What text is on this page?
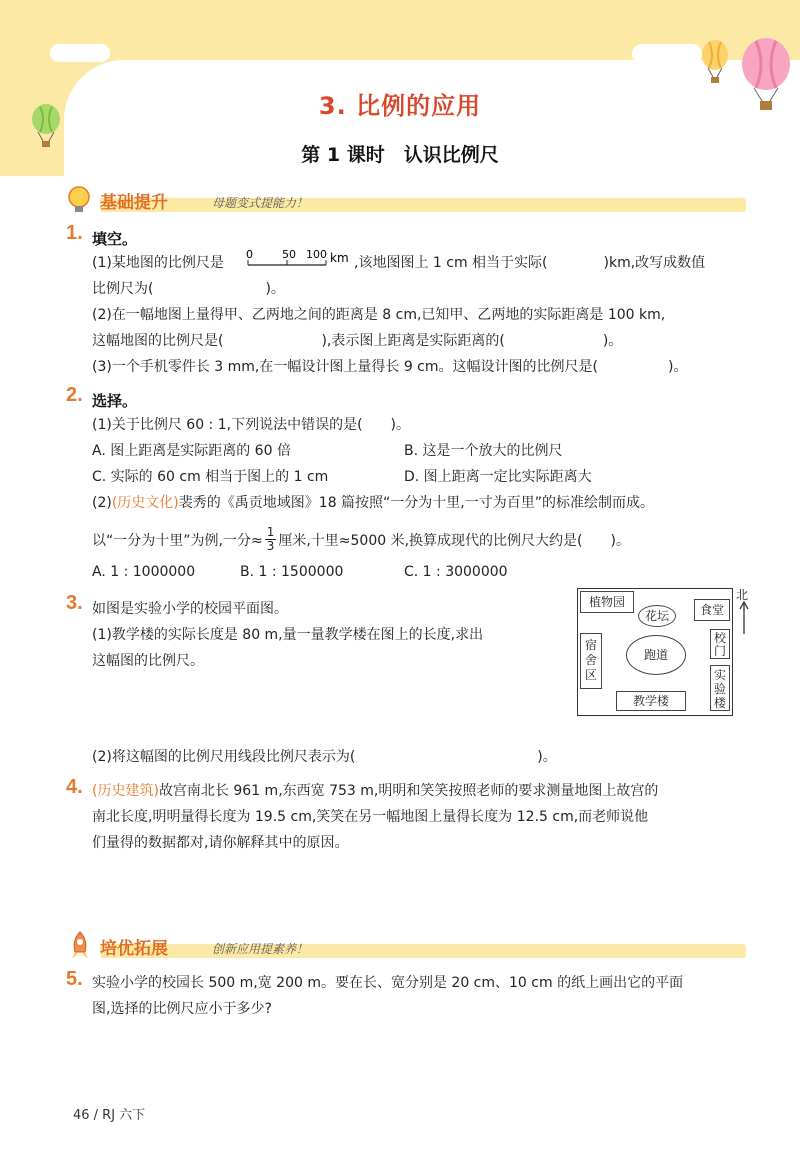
3. 比例的应用
第 1 课时　认识比例尺
基础提升	母题变式提能力！
1. 填空。
(1)某地图的比例尺是
0	50 100 km ,该地图图上 1 cm 相当于实际(　　　　)km,改写成数值
比例尺为(　　　　　　　　)。
(2)在一幅地图上量得甲、乙两地之间的距离是 8 cm,已知甲、乙两地的实际距离是 100 km,
这幅地图的比例尺是(　　　　　　　),表示图上距离是实际距离的(　　　　　　　)。
(3)一个手机零件长 3 mm,在一幅设计图上量得长 9 cm。这幅设计图的比例尺是(　　　　　)。
2. 选择。
(1)关于比例尺 60 : 1,下列说法中错误的是(　　)。
A. 图上距离是实际距离的 60 倍	B. 这是一个放大的比例尺
C. 实际的 60 cm 相当于图上的 1 cm	D. 图上距离一定比实际距离大
(2)(历史文化)裴秀的《禹贡地域图》18 篇按照“一分为十里,一寸为百里”的标准绘制而成。
以“一分为十里”为例,一分≈ $\frac{1}{3}$ 厘米,十里≈5000 米,换算成现代的比例尺大约是(　　)。
A. 1 : 1000000	B. 1 : 1500000	C. 1 : 3000000
3. 如图是实验小学的校园平面图。
(1)教学楼的实际长度是 80 m,量一量教学楼在图上的长度,求出
这幅图的比例尺。
植物园
花坛	食堂
宿舍区
跑道
校门
实验楼
教学楼
北
(2)将这幅图的比例尺用线段比例尺表示为(　　　　　　　　　　　　　)。
4. (历史建筑)故宫南北长 961 m,东西宽 753 m,明明和笑笑按照老师的要求测量地图上故宫的
南北长度,明明量得长度为 19.5 cm,笑笑在另一幅地图上量得长度为 12.5 cm,而老师说他
们量得的数据都对,请你解释其中的原因。
培优拓展	创新应用提素养！
5. 实验小学的校园长 500 m,宽 200 m。要在长、宽分别是 20 cm、10 cm 的纸上画出它的平面
图,选择的比例尺应小于多少?
46 / RJ 六下
